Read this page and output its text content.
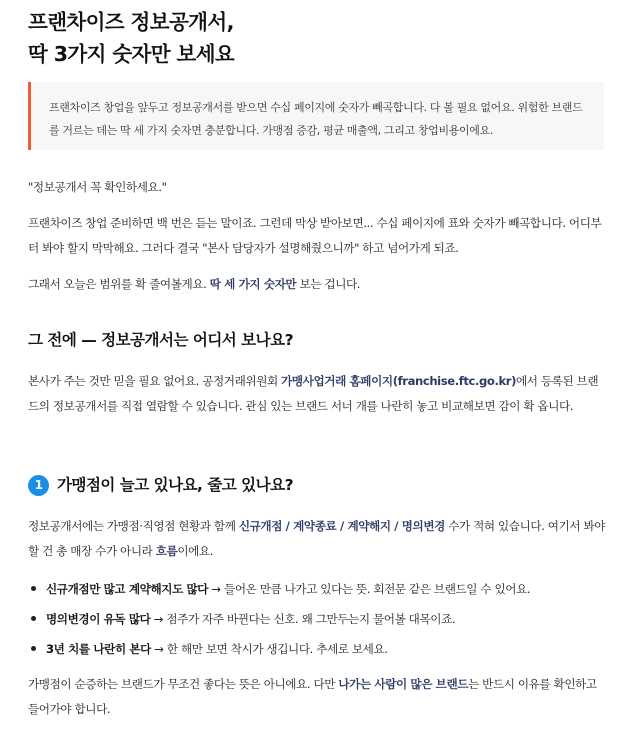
프랜차이즈 정보공개서,
딱 3가지 숫자만 보세요

프랜차이즈 창업을 앞두고 정보공개서를 받으면 수십 페이지에 숫자가 빼곡합니다. 다 볼 필요 없어요. 위험한 브랜드를 거르는 데는 딱 세 가지 숫자면 충분합니다. 가맹점 증감, 평균 매출액, 그리고 창업비용이에요.

"정보공개서 꼭 확인하세요."

프랜차이즈 창업 준비하면 백 번은 듣는 말이죠. 그런데 막상 받아보면... 수십 페이지에 표와 숫자가 빼곡합니다. 어디부터 봐야 할지 막막해요. 그러다 결국 "본사 담당자가 설명해줬으니까" 하고 넘어가게 되죠.

그래서 오늘은 범위를 확 줄여볼게요. 딱 세 가지 숫자만 보는 겁니다.

그 전에 — 정보공개서는 어디서 보나요?

본사가 주는 것만 믿을 필요 없어요. 공정거래위원회 가맹사업거래 홈페이지(franchise.ftc.go.kr)에서 등록된 브랜드의 정보공개서를 직접 열람할 수 있습니다. 관심 있는 브랜드 서너 개를 나란히 놓고 비교해보면 감이 확 옵니다.

1 가맹점이 늘고 있나요, 줄고 있나요?

정보공개서에는 가맹점·직영점 현황과 함께 신규개점 / 계약종료 / 계약해지 / 명의변경 수가 적혀 있습니다. 여기서 봐야 할 건 총 매장 수가 아니라 흐름이에요.

신규개점만 많고 계약해지도 많다 → 들어온 만큼 나가고 있다는 뜻. 회전문 같은 브랜드일 수 있어요.
명의변경이 유독 많다 → 점주가 자주 바뀐다는 신호. 왜 그만두는지 물어볼 대목이죠.
3년 치를 나란히 본다 → 한 해만 보면 착시가 생깁니다. 추세로 보세요.

가맹점이 순증하는 브랜드가 무조건 좋다는 뜻은 아니에요. 다만 나가는 사람이 많은 브랜드는 반드시 이유를 확인하고 들어가야 합니다.
